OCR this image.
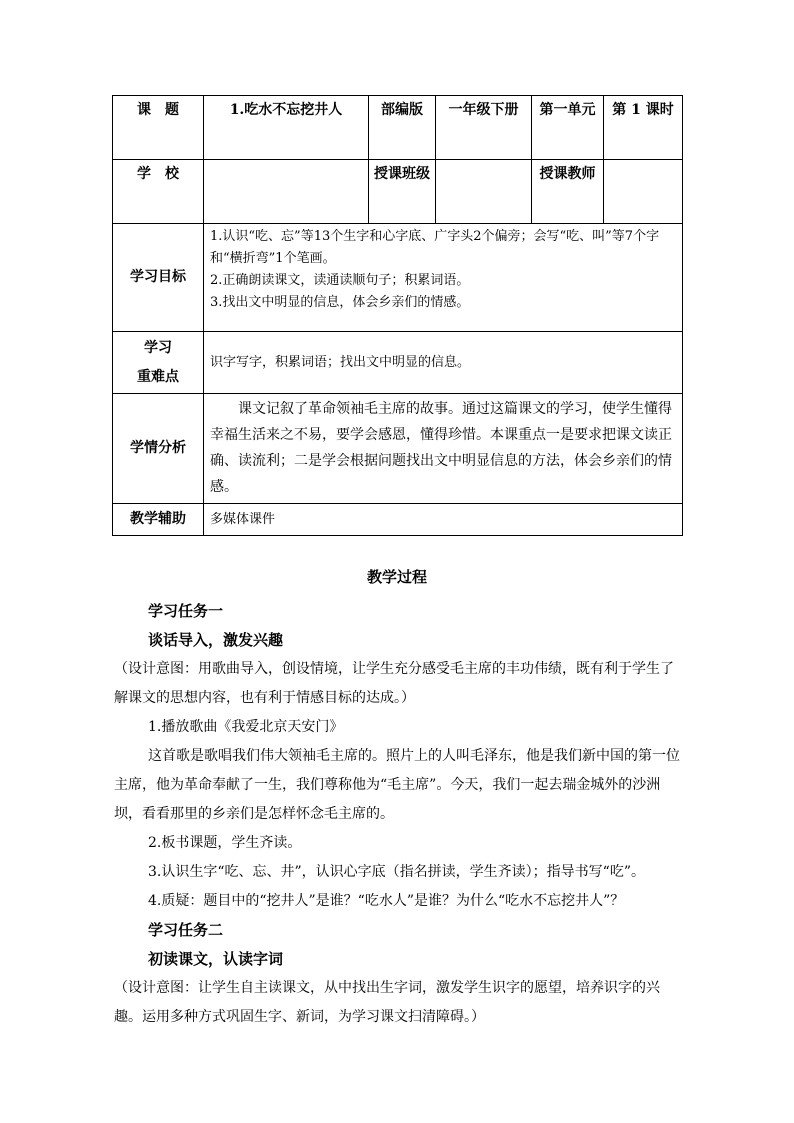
课　题	1.吃水不忘挖井人	部编版	一年级下册	第一单元	第 1 课时
学　校		授课班级		授课教师	
学习目标	1.认识“吃、忘”等13个生字和心字底、广字头2个偏旁；会写“吃、叫”等7个字和“横折弯”1个笔画。
2.正确朗读课文，读通读顺句子；积累词语。
3.找出文中明显的信息，体会乡亲们的情感。				

学习
重难点	识字写字，积累词语；找出文中明显的信息。				
学情分析	课文记叙了革命领袖毛主席的故事。通过这篇课文的学习，使学生懂得幸福生活来之不易，要学会感恩，懂得珍惜。本课重点一是要求把课文读正确、读流利；二是学会根据问题找出文中明显信息的方法，体会乡亲们的情感。				
教学辅助	多媒体课件				
教学过程

学习任务一

谈话导入，激发兴趣

（设计意图：用歌曲导入，创设情境，让学生充分感受毛主席的丰功伟绩，既有利于学生了解课文的思想内容，也有利于情感目标的达成。）

1.播放歌曲《我爱北京天安门》

这首歌是歌唱我们伟大领袖毛主席的。照片上的人叫毛泽东，他是我们新中国的第一位主席，他为革命奉献了一生，我们尊称他为“毛主席”。今天，我们一起去瑞金城外的沙洲坝，看看那里的乡亲们是怎样怀念毛主席的。

2.板书课题，学生齐读。

3.认识生字“吃、忘、井”，认识心字底（指名拼读，学生齐读）；指导书写“吃”。

4.质疑：题目中的“挖井人”是谁？“吃水人”是谁？为什么“吃水不忘挖井人”？

学习任务二

初读课文，认读字词

（设计意图：让学生自主读课文，从中找出生字词，激发学生识字的愿望，培养识字的兴趣。运用多种方式巩固生字、新词，为学习课文扫清障碍。）
